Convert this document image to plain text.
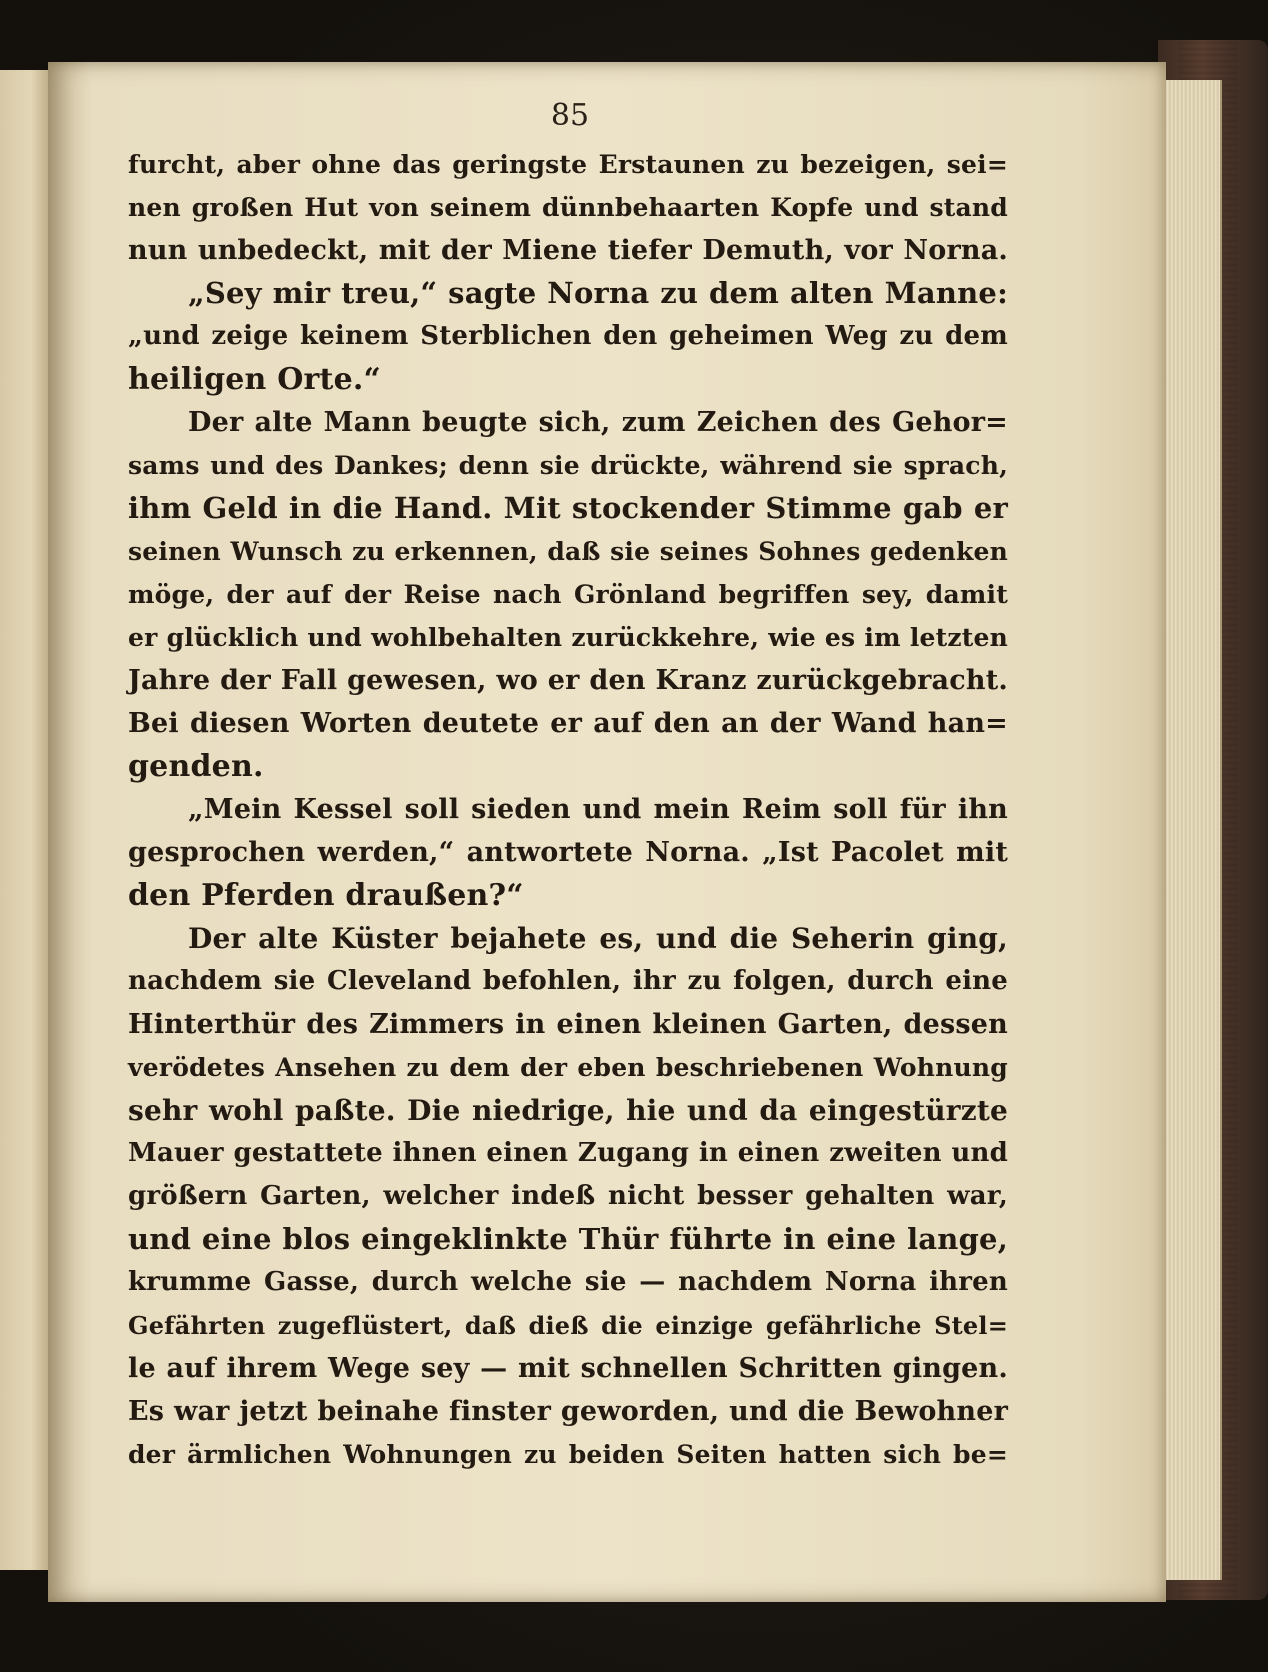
85
furcht, aber ohne das geringste Erstaunen zu bezeigen, sei=
nen großen Hut von seinem dünnbehaarten Kopfe und stand
nun unbedeckt, mit der Miene tiefer Demuth, vor Norna.
„Sey mir treu,“ sagte Norna zu dem alten Manne:
„und zeige keinem Sterblichen den geheimen Weg zu dem
heiligen Orte.“
Der alte Mann beugte sich, zum Zeichen des Gehor=
sams und des Dankes; denn sie drückte, während sie sprach,
ihm Geld in die Hand. Mit stockender Stimme gab er
seinen Wunsch zu erkennen, daß sie seines Sohnes gedenken
möge, der auf der Reise nach Grönland begriffen sey, damit
er glücklich und wohlbehalten zurückkehre, wie es im letzten
Jahre der Fall gewesen, wo er den Kranz zurückgebracht.
Bei diesen Worten deutete er auf den an der Wand han=
genden.
„Mein Kessel soll sieden und mein Reim soll für ihn
gesprochen werden,“ antwortete Norna. „Ist Pacolet mit
den Pferden draußen?“
Der alte Küster bejahete es, und die Seherin ging,
nachdem sie Cleveland befohlen, ihr zu folgen, durch eine
Hinterthür des Zimmers in einen kleinen Garten, dessen
verödetes Ansehen zu dem der eben beschriebenen Wohnung
sehr wohl paßte. Die niedrige, hie und da eingestürzte
Mauer gestattete ihnen einen Zugang in einen zweiten und
größern Garten, welcher indeß nicht besser gehalten war,
und eine blos eingeklinkte Thür führte in eine lange,
krumme Gasse, durch welche sie — nachdem Norna ihren
Gefährten zugeflüstert, daß dieß die einzige gefährliche Stel=
le auf ihrem Wege sey — mit schnellen Schritten gingen.
Es war jetzt beinahe finster geworden, und die Bewohner
der ärmlichen Wohnungen zu beiden Seiten hatten sich be=
